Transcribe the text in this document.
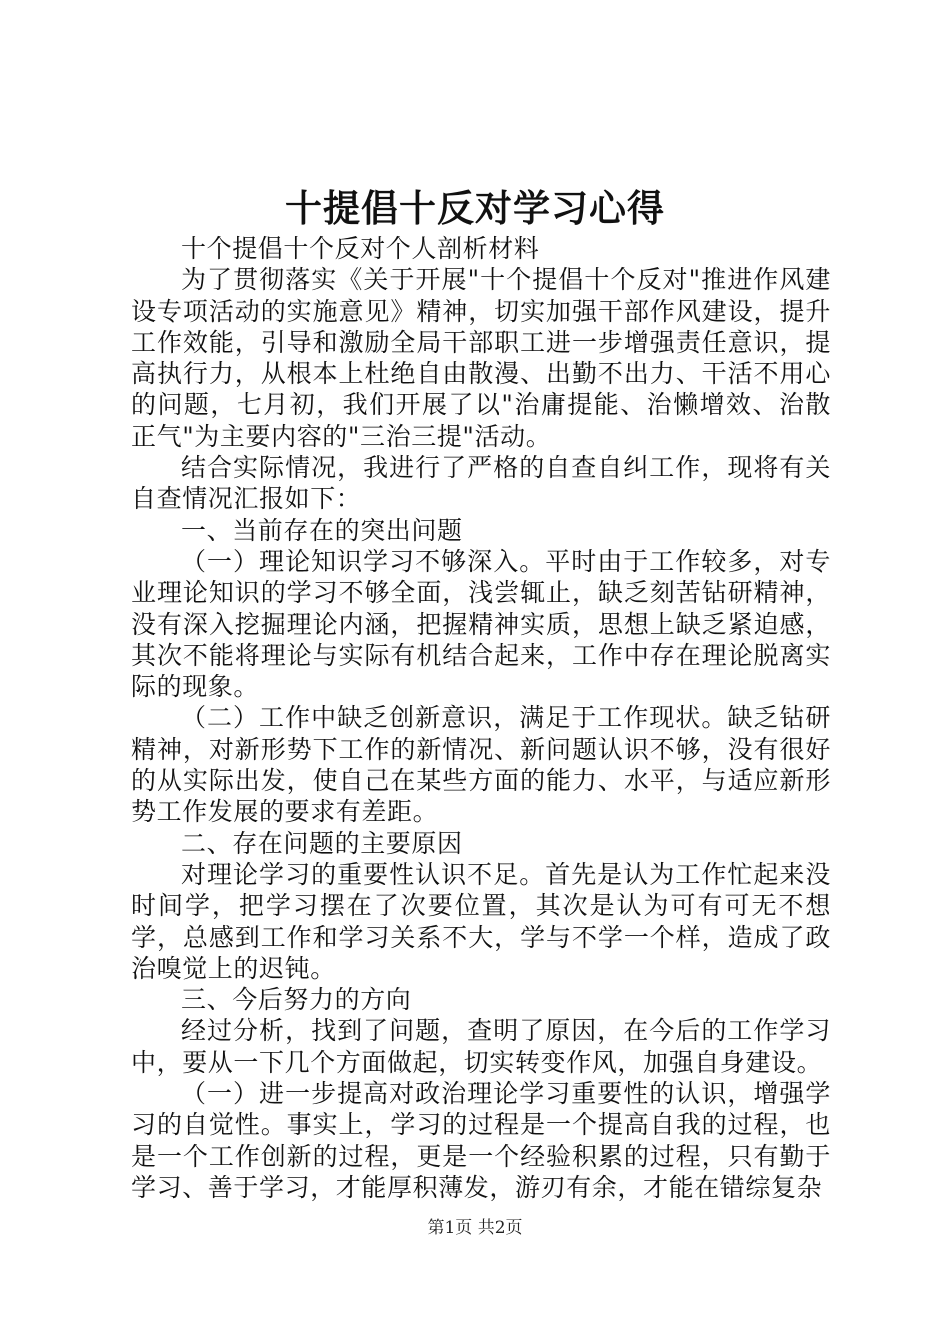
十提倡十反对学习心得

十个提倡十个反对个人剖析材料

为了贯彻落实《关于开展"十个提倡十个反对"推进作风建设专项活动的实施意见》精神，切实加强干部作风建设，提升工作效能，引导和激励全局干部职工进一步增强责任意识，提高执行力，从根本上杜绝自由散漫、出勤不出力、干活不用心的问题，七月初，我们开展了以"治庸提能、治懒增效、治散正气"为主要内容的"三治三提"活动。

结合实际情况，我进行了严格的自查自纠工作，现将有关自查情况汇报如下：

一、当前存在的突出问题

（一）理论知识学习不够深入。平时由于工作较多，对专业理论知识的学习不够全面，浅尝辄止，缺乏刻苦钻研精神，没有深入挖掘理论内涵，把握精神实质，思想上缺乏紧迫感，其次不能将理论与实际有机结合起来，工作中存在理论脱离实际的现象。

（二）工作中缺乏创新意识，满足于工作现状。缺乏钻研精神，对新形势下工作的新情况、新问题认识不够，没有很好的从实际出发，使自己在某些方面的能力、水平，与适应新形势工作发展的要求有差距。

二、存在问题的主要原因

对理论学习的重要性认识不足。首先是认为工作忙起来没时间学，把学习摆在了次要位置，其次是认为可有可无不想学，总感到工作和学习关系不大，学与不学一个样，造成了政治嗅觉上的迟钝。

三、今后努力的方向

经过分析，找到了问题，查明了原因，在今后的工作学习中，要从一下几个方面做起，切实转变作风，加强自身建设。

（一）进一步提高对政治理论学习重要性的认识，增强学习的自觉性。事实上，学习的过程是一个提高自我的过程，也是一个工作创新的过程，更是一个经验积累的过程，只有勤于学习、善于学习，才能厚积薄发，游刃有余，才能在错综复杂

第1页 共2页
